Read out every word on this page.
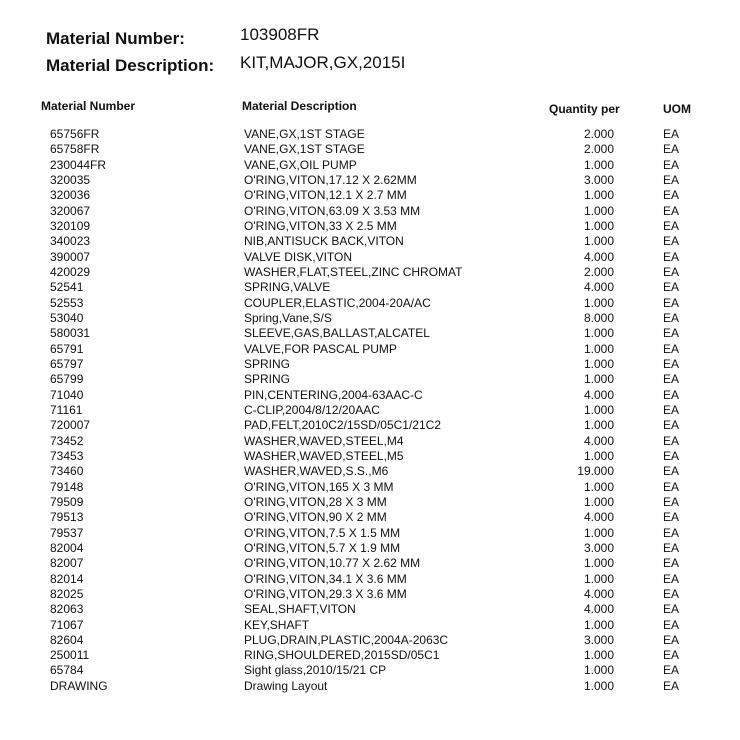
Material Number:	103908FR
Material Description: KIT,MAJOR,GX,2015I
Material Number	Material Description	Quantity per	UOM
65756FR	VANE,GX,1ST STAGE	2.000	EA
65758FR	VANE,GX,1ST STAGE	2.000	EA
230044FR	VANE,GX,OIL PUMP	1.000	EA
320035	O'RING,VITON,17.12 X 2.62MM	3.000	EA
320036	O'RING,VITON,12.1 X 2.7 MM	1.000	EA
320067	O'RING,VITON,63.09 X 3.53 MM	1.000	EA
320109	O'RING,VITON,33 X 2.5 MM	1.000	EA
340023	NIB,ANTISUCK BACK,VITON	1.000	EA
390007	VALVE DISK,VITON	4.000	EA
420029	WASHER,FLAT,STEEL,ZINC CHROMAT	2.000	EA
52541	SPRING,VALVE	4.000	EA
52553	COUPLER,ELASTIC,2004-20A/AC	1.000	EA
53040	Spring,Vane,S/S	8.000	EA
580031	SLEEVE,GAS,BALLAST,ALCATEL	1.000	EA
65791	VALVE,FOR PASCAL PUMP	1.000	EA
65797	SPRING	1.000	EA
65799	SPRING	1.000	EA
71040	PIN,CENTERING,2004-63AAC-C	4.000	EA
71161	C-CLIP,2004/8/12/20AAC	1.000	EA
720007	PAD,FELT,2010C2/15SD/05C1/21C2	1.000	EA
73452	WASHER,WAVED,STEEL,M4	4.000	EA
73453	WASHER,WAVED,STEEL,M5	1.000	EA
73460	WASHER,WAVED,S.S.,M6	19.000	EA
79148	O'RING,VITON,165 X 3 MM	1.000	EA
79509	O'RING,VITON,28 X 3 MM	1.000	EA
79513	O'RING,VITON,90 X 2 MM	4.000	EA
79537	O'RING,VITON,7.5 X 1.5 MM	1.000	EA
82004	O'RING,VITON,5.7 X 1.9 MM	3.000	EA
82007	O'RING,VITON,10.77 X 2.62 MM	1.000	EA
82014	O'RING,VITON,34.1 X 3.6 MM	1.000	EA
82025	O'RING,VITON,29.3 X 3.6 MM	4.000	EA
82063	SEAL,SHAFT,VITON	4.000	EA
71067	KEY,SHAFT	1.000	EA
82604	PLUG,DRAIN,PLASTIC,2004A-2063C	3.000	EA
250011	RING,SHOULDERED,2015SD/05C1	1.000	EA
65784	Sight glass,2010/15/21 CP	1.000	EA
DRAWING	Drawing Layout	1.000	EA
